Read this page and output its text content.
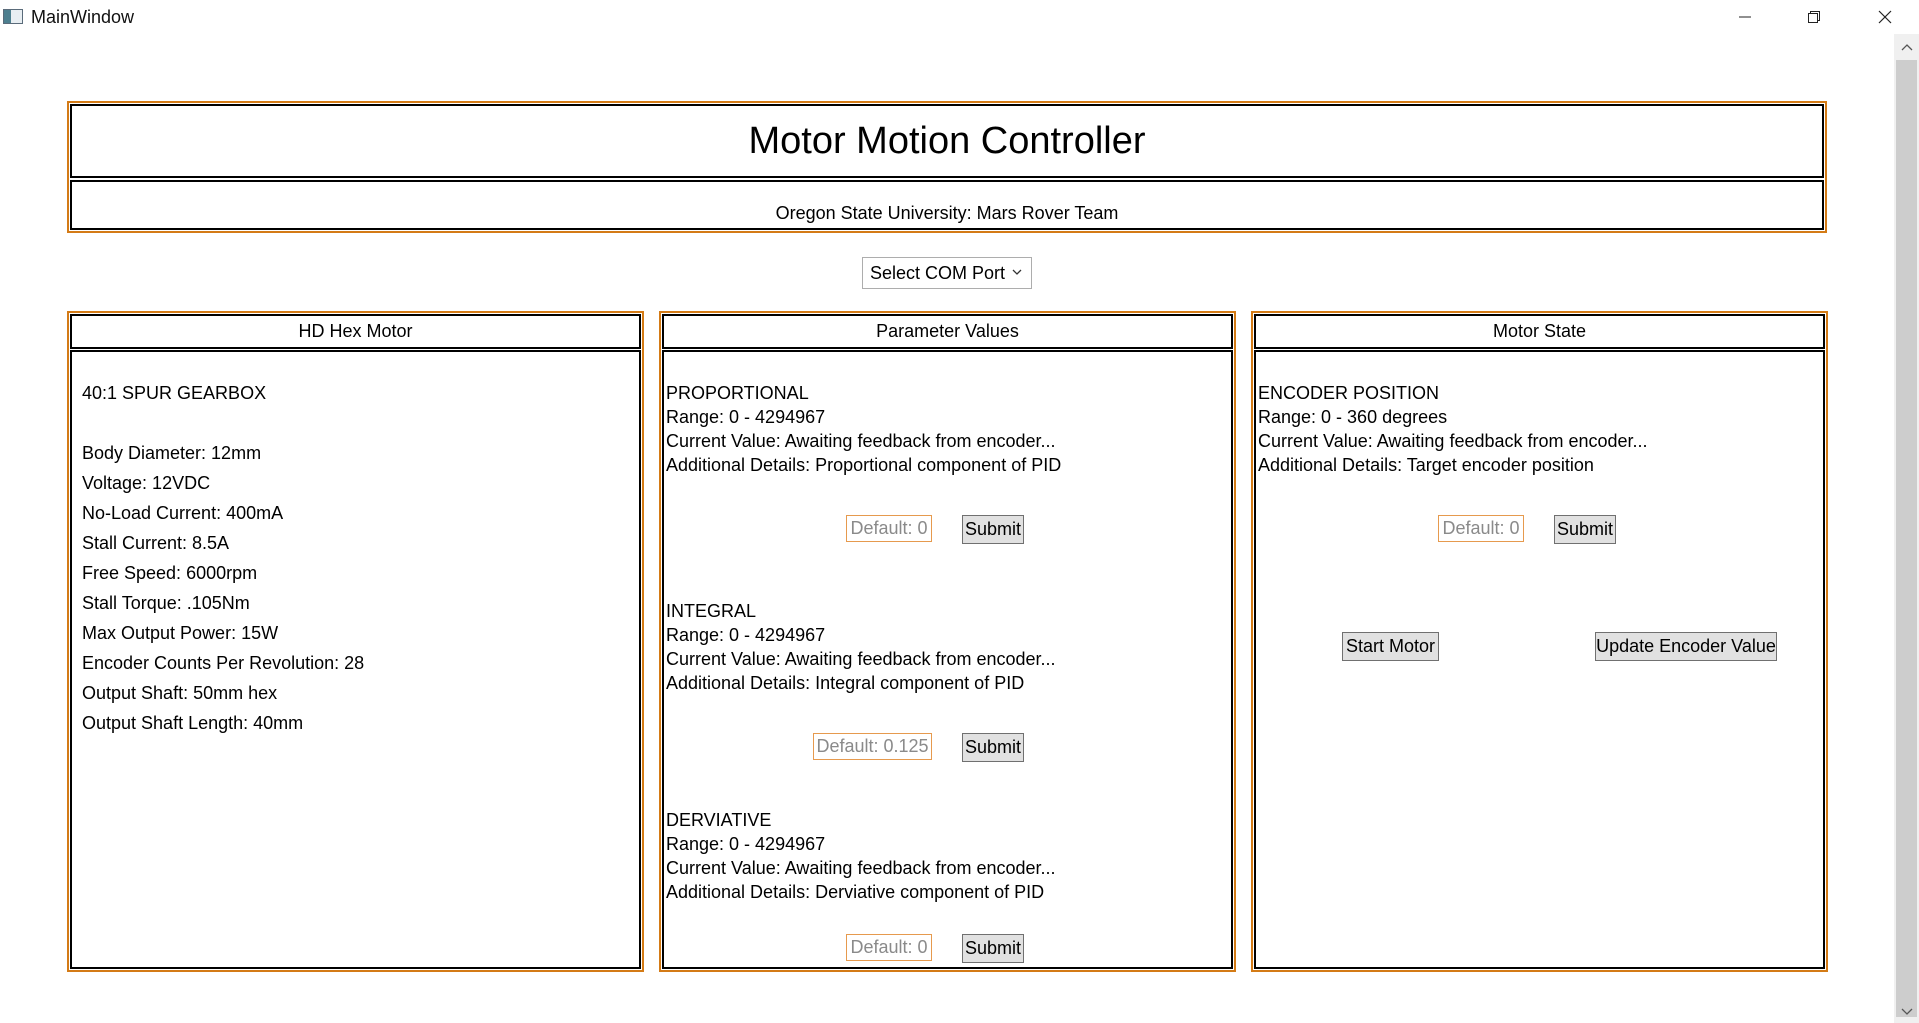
MainWindow
Motor Motion Controller
Oregon State University: Mars Rover Team
Select COM Port
HD Hex Motor
40:1 SPUR GEARBOX
Body Diameter: 12mm
Voltage: 12VDC
No-Load Current: 400mA
Stall Current: 8.5A
Free Speed: 6000rpm
Stall Torque: .105Nm
Max Output Power: 15W
Encoder Counts Per Revolution: 28
Output Shaft: 50mm hex
Output Shaft Length: 40mm
Parameter Values
PROPORTIONAL
Range: 0 - 4294967
Current Value: Awaiting feedback from encoder...
Additional Details: Proportional component of PID
Default: 0 Submit
INTEGRAL
Range: 0 - 4294967
Current Value: Awaiting feedback from encoder...
Additional Details: Integral component of PID
Default: 0.125 Submit
DERVIATIVE
Range: 0 - 4294967
Current Value: Awaiting feedback from encoder...
Additional Details: Derviative component of PID
Default: 0 Submit
Motor State
ENCODER POSITION
Range: 0 - 360 degrees
Current Value: Awaiting feedback from encoder...
Additional Details: Target encoder position
Default: 0 Submit
Start Motor	Update Encoder Value
